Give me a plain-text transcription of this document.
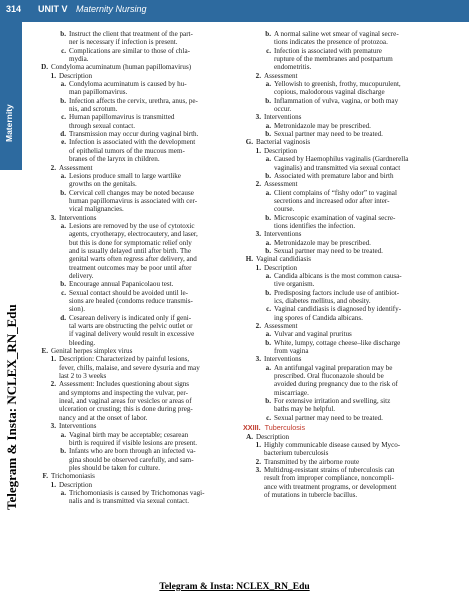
314 UNIT V Maternity Nursing
Maternity
Telegram & Insta: NCLEX_RN_Edu
b. Instruct the client that treatment of the part-
ner is necessary if infection is present.
c. Complications are similar to those of chla-
mydia.
D. Condyloma acuminatum (human papillomavirus)
1. Description
a. Condyloma acuminatum is caused by hu-
man papillomavirus.
b. Infection affects the cervix, urethra, anus, pe-
nis, and scrotum.
c. Human papillomavirus is transmitted
through sexual contact.
d. Transmission may occur during vaginal birth.
e. Infection is associated with the development
of epithelial tumors of the mucous mem-
branes of the larynx in children.
2. Assessment
a. Lesions produce small to large wartlike
growths on the genitals.
b. Cervical cell changes may be noted because
human papillomavirus is associated with cer-
vical malignancies.
3. Interventions
a. Lesions are removed by the use of cytotoxic
agents, cryotherapy, electrocautery, and laser,
but this is done for symptomatic relief only
and is usually delayed until after birth. The
genital warts often regress after delivery, and
treatment outcomes may be poor until after
delivery.
b. Encourage annual Papanicolaou test.
c. Sexual contact should be avoided until le-
sions are healed (condoms reduce transmis-
sion).
d. Cesarean delivery is indicated only if geni-
tal warts are obstructing the pelvic outlet or
if vaginal delivery would result in excessive
bleeding.
E. Genital herpes simplex virus
1. Description: Characterized by painful lesions,
fever, chills, malaise, and severe dysuria and may
last 2 to 3 weeks
2. Assessment: Includes questioning about signs
and symptoms and inspecting the vulvar, per-
ineal, and vaginal areas for vesicles or areas of
ulceration or crusting; this is done during preg-
nancy and at the onset of labor.
3. Interventions
a. Vaginal birth may be acceptable; cesarean
birth is required if visible lesions are present.
b. Infants who are born through an infected va-
gina should be observed carefully, and sam-
ples should be taken for culture.
F. Trichomoniasis
1. Description
a. Trichomoniasis is caused by Trichomonas vagi-
nalis and is transmitted via sexual contact.
b. A normal saline wet smear of vaginal secre-
tions indicates the presence of protozoa.
c. Infection is associated with premature
rupture of the membranes and postpartum
endometritis.
2. Assessment
a. Yellowish to greenish, frothy, mucopurulent,
copious, malodorous vaginal discharge
b. Inflammation of vulva, vagina, or both may
occur.
3. Interventions
a. Metronidazole may be prescribed.
b. Sexual partner may need to be treated.
G. Bacterial vaginosis
1. Description
a. Caused by Haemophilus vaginalis (Gardnerella
vaginalis) and transmitted via sexual contact
b. Associated with premature labor and birth
2. Assessment
a. Client complains of “fishy odor” to vaginal
secretions and increased odor after inter-
course.
b. Microscopic examination of vaginal secre-
tions identifies the infection.
3. Interventions
a. Metronidazole may be prescribed.
b. Sexual partner may need to be treated.
H. Vaginal candidiasis
1. Description
a. Candida albicans is the most common causa-
tive organism.
b. Predisposing factors include use of antibiot-
ics, diabetes mellitus, and obesity.
c. Vaginal candidiasis is diagnosed by identify-
ing spores of Candida albicans.
2. Assessment
a. Vulvar and vaginal pruritus
b. White, lumpy, cottage cheese–like discharge
from vagina
3. Interventions
a. An antifungal vaginal preparation may be
prescribed. Oral fluconazole should be
avoided during pregnancy due to the risk of
miscarriage.
b. For extensive irritation and swelling, sitz
baths may be helpful.
c. Sexual partner may need to be treated.
XXIII. Tuberculosis
A. Description
1. Highly communicable disease caused by Myco-
bacterium tuberculosis
2. Transmitted by the airborne route
3. Multidrug-resistant strains of tuberculosis can
result from improper compliance, noncompli-
ance with treatment programs, or development
of mutations in tubercle bacillus.
Telegram & Insta: NCLEX_RN_Edu
